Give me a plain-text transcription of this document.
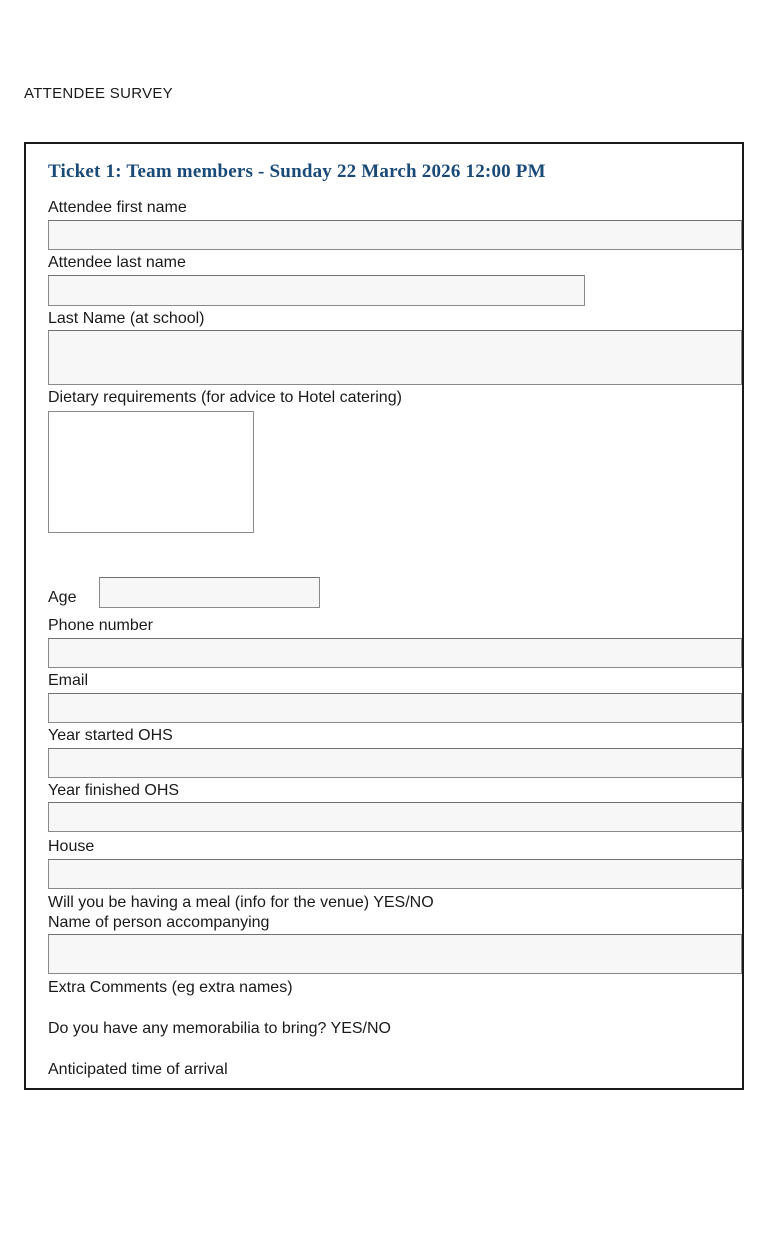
ATTENDEE SURVEY
Ticket 1: Team members - Sunday 22 March 2026 12:00 PM
Attendee first name
Attendee last name
Last Name (at school)
Dietary requirements (for advice to Hotel catering)
Age
Phone number
Email
Year started OHS
Year finished OHS
House
Will you be having a meal (info for the venue) YES/NO
Name of person accompanying
Extra Comments (eg extra names)
Do you have any memorabilia to bring? YES/NO
Anticipated time of arrival
